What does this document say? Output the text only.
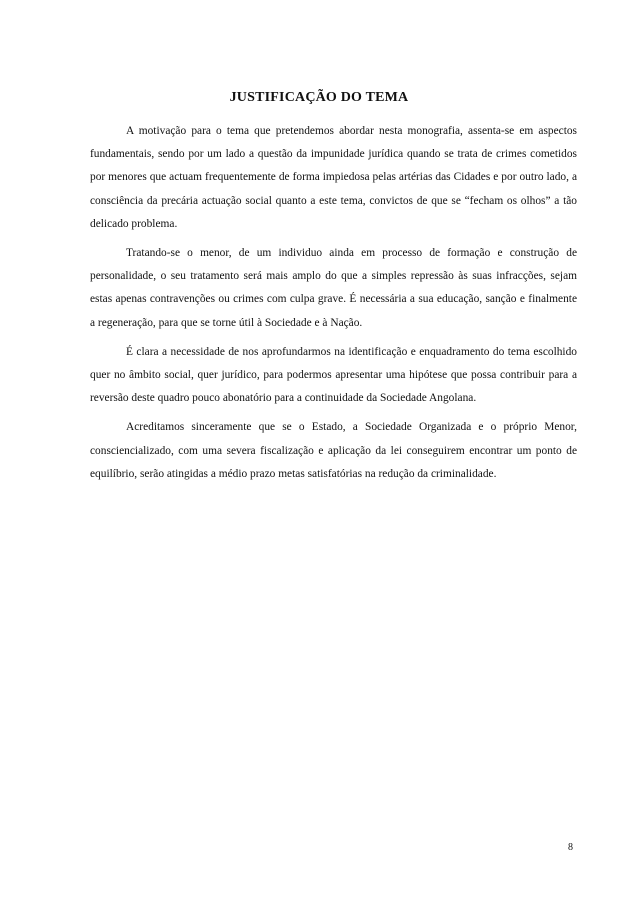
JUSTIFICAÇÃO DO TEMA

A motivação para o tema que pretendemos abordar nesta monografia, assenta-se em aspectos fundamentais, sendo por um lado a questão da impunidade jurídica quando se trata de crimes cometidos por menores que actuam frequentemente de forma impiedosa pelas artérias das Cidades e por outro lado, a consciência da precária actuação social quanto a este tema, convictos de que se “fecham os olhos” a tão delicado problema.

Tratando-se o menor, de um individuo ainda em processo de formação e construção de personalidade, o seu tratamento será mais amplo do que a simples repressão às suas infracções, sejam estas apenas contravenções ou crimes com culpa grave. É necessária a sua educação, sanção e finalmente a regeneração, para que se torne útil à Sociedade e à Nação.

É clara a necessidade de nos aprofundarmos na identificação e enquadramento do tema escolhido quer no âmbito social, quer jurídico, para podermos apresentar uma hipótese que possa contribuir para a reversão deste quadro pouco abonatório para a continuidade da Sociedade Angolana.

Acreditamos sinceramente que se o Estado, a Sociedade Organizada e o próprio Menor, consciencializado, com uma severa fiscalização e aplicação da lei conseguirem encontrar um ponto de equilíbrio, serão atingidas a médio prazo metas satisfatórias na redução da criminalidade.

8
